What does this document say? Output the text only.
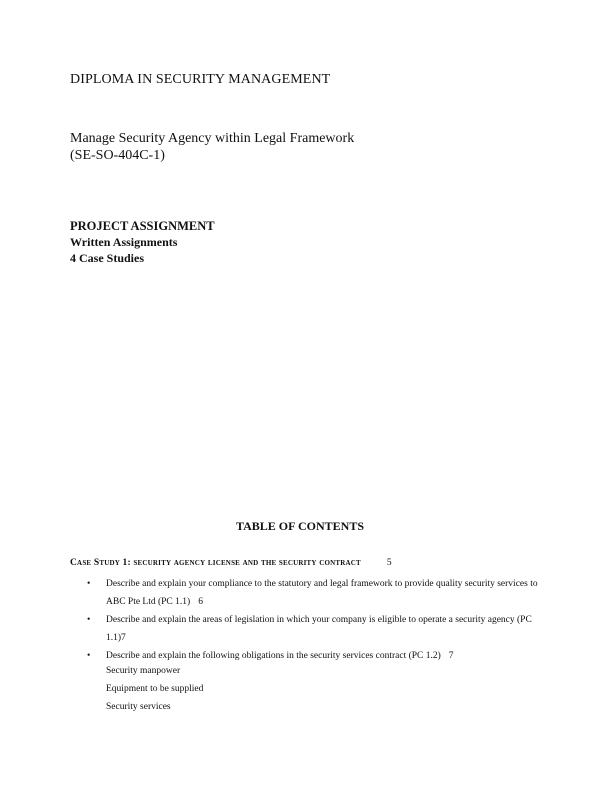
DIPLOMA IN SECURITY MANAGEMENT
Manage Security Agency within Legal Framework
(SE-SO-404C-1)
PROJECT ASSIGNMENT
Written Assignments
4 Case Studies
TABLE OF CONTENTS
Case Study 1: security agency license and the security contract	5
• Describe and explain your compliance to the statutory and legal framework to provide quality security services to ABC Pte Ltd (PC 1.1) 6
• Describe and explain the areas of legislation in which your company is eligible to operate a security agency (PC 1.1)7
• Describe and explain the following obligations in the security services contract (PC 1.2) 7
Security manpower
Equipment to be supplied
Security services
